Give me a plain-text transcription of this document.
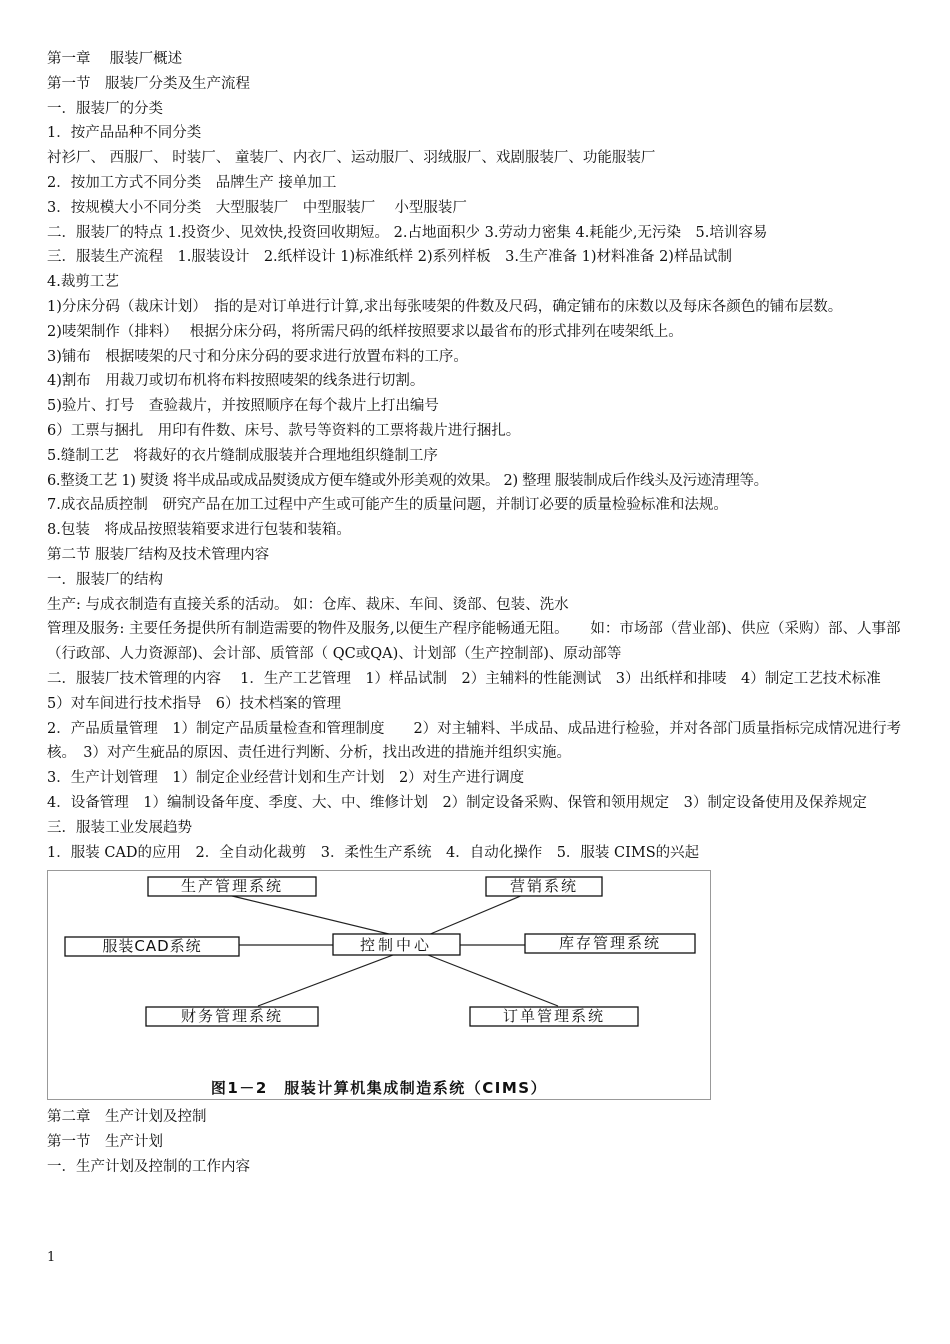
第一章　 服装厂概述
第一节　服装厂分类及生产流程
一．服装厂的分类
1．按产品品种不同分类
衬衫厂、 西服厂、 时装厂、 童装厂、内衣厂、运动服厂、羽绒服厂、戏剧服装厂、功能服装厂
2．按加工方式不同分类　品牌生产 接单加工
3．按规模大小不同分类　大型服装厂　中型服装厂　 小型服装厂
二．服装厂的特点 1.投资少、见效快,投资回收期短。 2.占地面积少 3.劳动力密集 4.耗能少,无污染　5.培训容易
三．服装生产流程　1.服装设计　2.纸样设计 1)标准纸样 2)系列样板　3.生产准备 1)材料准备 2)样品试制
4.裁剪工艺
1)分床分码（裁床计划）　指的是对订单进行计算,求出每张唛架的件数及尺码，确定铺布的床数以及每床各颜色的铺布层数。
2)唛架制作（排料）　 根据分床分码，将所需尺码的纸样按照要求以最省布的形式排列在唛架纸上。
3)铺布　根据唛架的尺寸和分床分码的要求进行放置布料的工序。
4)割布　用裁刀或切布机将布料按照唛架的线条进行切割。
5)验片、打号　查验裁片，并按照顺序在每个裁片上打出编号
6）工票与捆扎　用印有件数、床号、款号等资料的工票将裁片进行捆扎。
5.缝制工艺　将裁好的衣片缝制成服装并合理地组织缝制工序
6.整烫工艺 1) 熨烫 将半成品或成品熨烫成方便车缝或外形美观的效果。 2) 整理 服装制成后作线头及污迹清理等。
7.成衣品质控制　研究产品在加工过程中产生或可能产生的质量问题，并制订必要的质量检验标准和法规。
8.包装　将成品按照装箱要求进行包装和装箱。
第二节 服装厂结构及技术管理内容
一．服装厂的结构
生产: 与成衣制造有直接关系的活动。 如：仓库、裁床、车间、烫部、包装、洗水
管理及服务: 主要任务提供所有制造需要的物件及服务,以便生产程序能畅通无阻。　　如：市场部（营业部)、供应（采购）部、人事部（行政部、人力资源部)、会计部、质管部（ QC或QA)、计划部（生产控制部)、原动部等
二．服装厂技术管理的内容　 1．生产工艺管理　1）样品试制　2）主辅料的性能测试　3）出纸样和排唛　4）制定工艺技术标准　5）对车间进行技术指导　6）技术档案的管理
2．产品质量管理　1）制定产品质量检查和管理制度　　2）对主辅料、半成品、成品进行检验，并对各部门质量指标完成情况进行考核。　3）对产生疵品的原因、责任进行判断、分析，找出改进的措施并组织实施。
3．生产计划管理　1）制定企业经营计划和生产计划　2）对生产进行调度
4．设备管理　1）编制设备年度、季度、大、中、维修计划　2）制定设备采购、保管和领用规定　3）制定设备使用及保养规定
三．服装工业发展趋势
1．服装 CAD的应用　2．全自动化裁剪　3．柔性生产系统　4．自动化操作　5．服装 CIMS的兴起
生产管理系统	营销系统
服装CAD系统	控制中心	库存管理系统
财务管理系统	订单管理系统
图1－2　服装计算机集成制造系统（CIMS）
第二章　生产计划及控制
第一节　生产计划
一．生产计划及控制的工作内容
1
